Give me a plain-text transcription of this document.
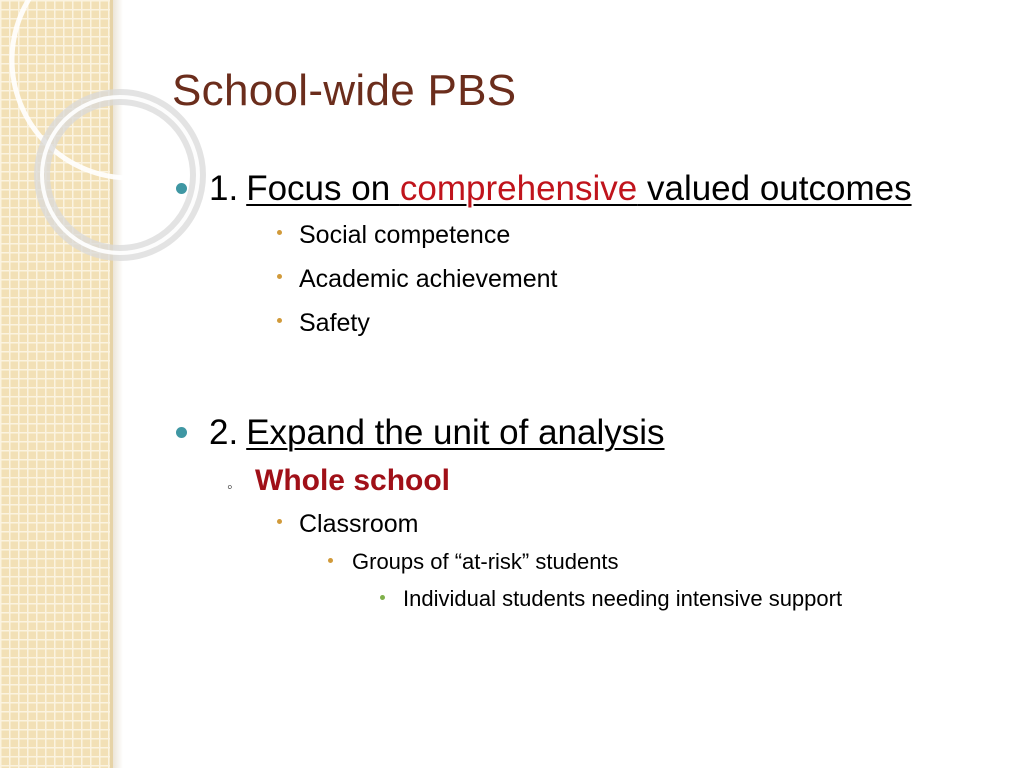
School-wide PBS
1. Focus on comprehensive valued outcomes
Social competence
Academic achievement
Safety
2. Expand the unit of analysis
◦ Whole school
Classroom
Groups of “at-risk” students
Individual students needing intensive support
